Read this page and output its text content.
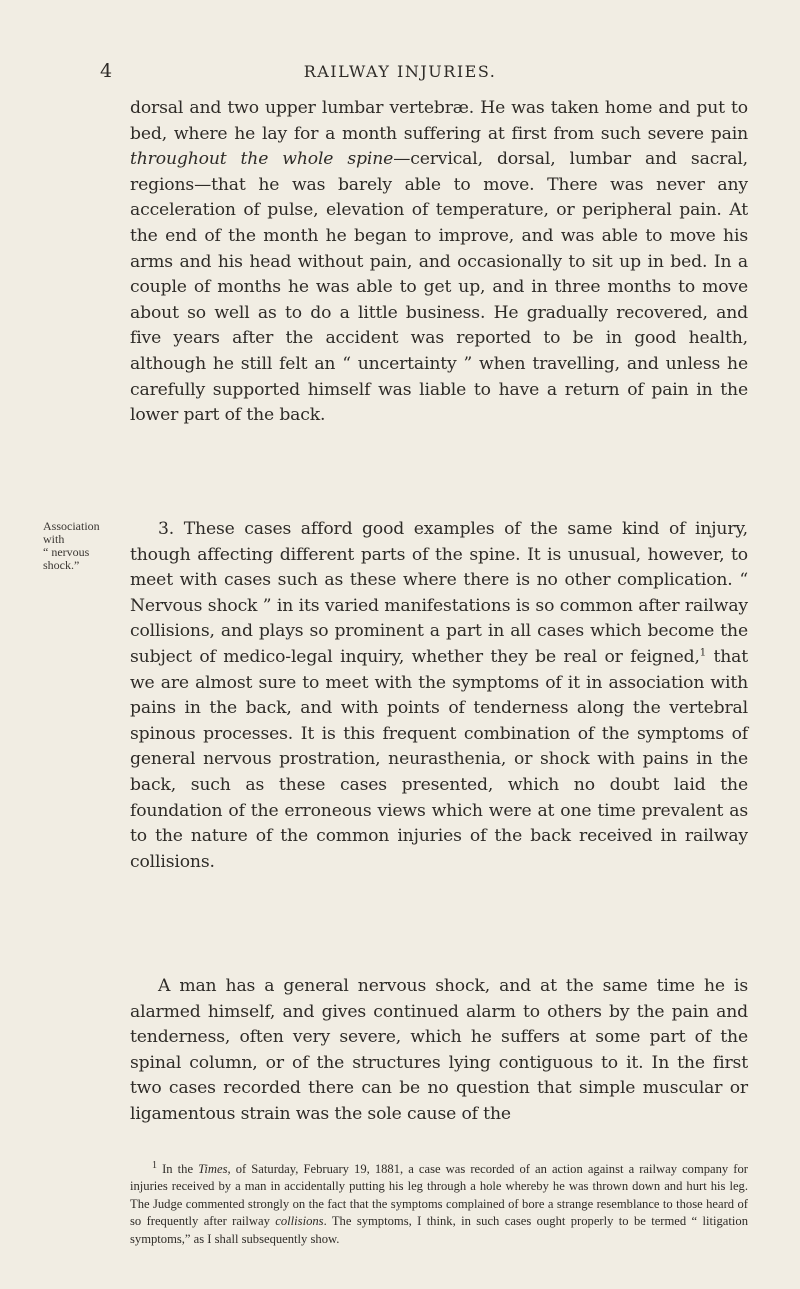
4	RAILWAY INJURIES.

dorsal and two upper lumbar vertebræ. He was taken home and put to bed, where he lay for a month suffering at first from such severe pain throughout the whole spine—cervical, dorsal, lumbar and sacral, regions—that he was barely able to move. There was never any acceleration of pulse, elevation of temperature, or peripheral pain. At the end of the month he began to improve, and was able to move his arms and his head without pain, and occasionally to sit up in bed. In a couple of months he was able to get up, and in three months to move about so well as to do a little business. He gradually recovered, and five years after the accident was reported to be in good health, although he still felt an “ uncertainty ” when travelling, and unless he carefully supported himself was liable to have a return of pain in the lower part of the back.

Association
with
“ nervous
shock.”

3. These cases afford good examples of the same kind of injury, though affecting different parts of the spine. It is unusual, however, to meet with cases such as these where there is no other complication. “ Nervous shock ” in its varied manifestations is so common after railway collisions, and plays so prominent a part in all cases which become the subject of medico-legal inquiry, whether they be real or feigned,$^1$ that we are almost sure to meet with the symptoms of it in association with pains in the back, and with points of tenderness along the vertebral spinous processes. It is this frequent combination of the symptoms of general nervous prostration, neurasthenia, or shock with pains in the back, such as these cases presented, which no doubt laid the foundation of the erroneous views which were at one time prevalent as to the nature of the common injuries of the back received in railway collisions.

A man has a general nervous shock, and at the same time he is alarmed himself, and gives continued alarm to others by the pain and tenderness, often very severe, which he suffers at some part of the spinal column, or of the structures lying contiguous to it. In the first two cases recorded there can be no question that simple muscular or ligamentous strain was the sole cause of the

$^1$ In the Times, of Saturday, February 19, 1881, a case was recorded of an action against a railway company for injuries received by a man in accidentally putting his leg through a hole whereby he was thrown down and hurt his leg. The Judge commented strongly on the fact that the symptoms complained of bore a strange resemblance to those heard of so frequently after railway collisions. The symptoms, I think, in such cases ought properly to be termed “ litigation symptoms,” as I shall subsequently show.
